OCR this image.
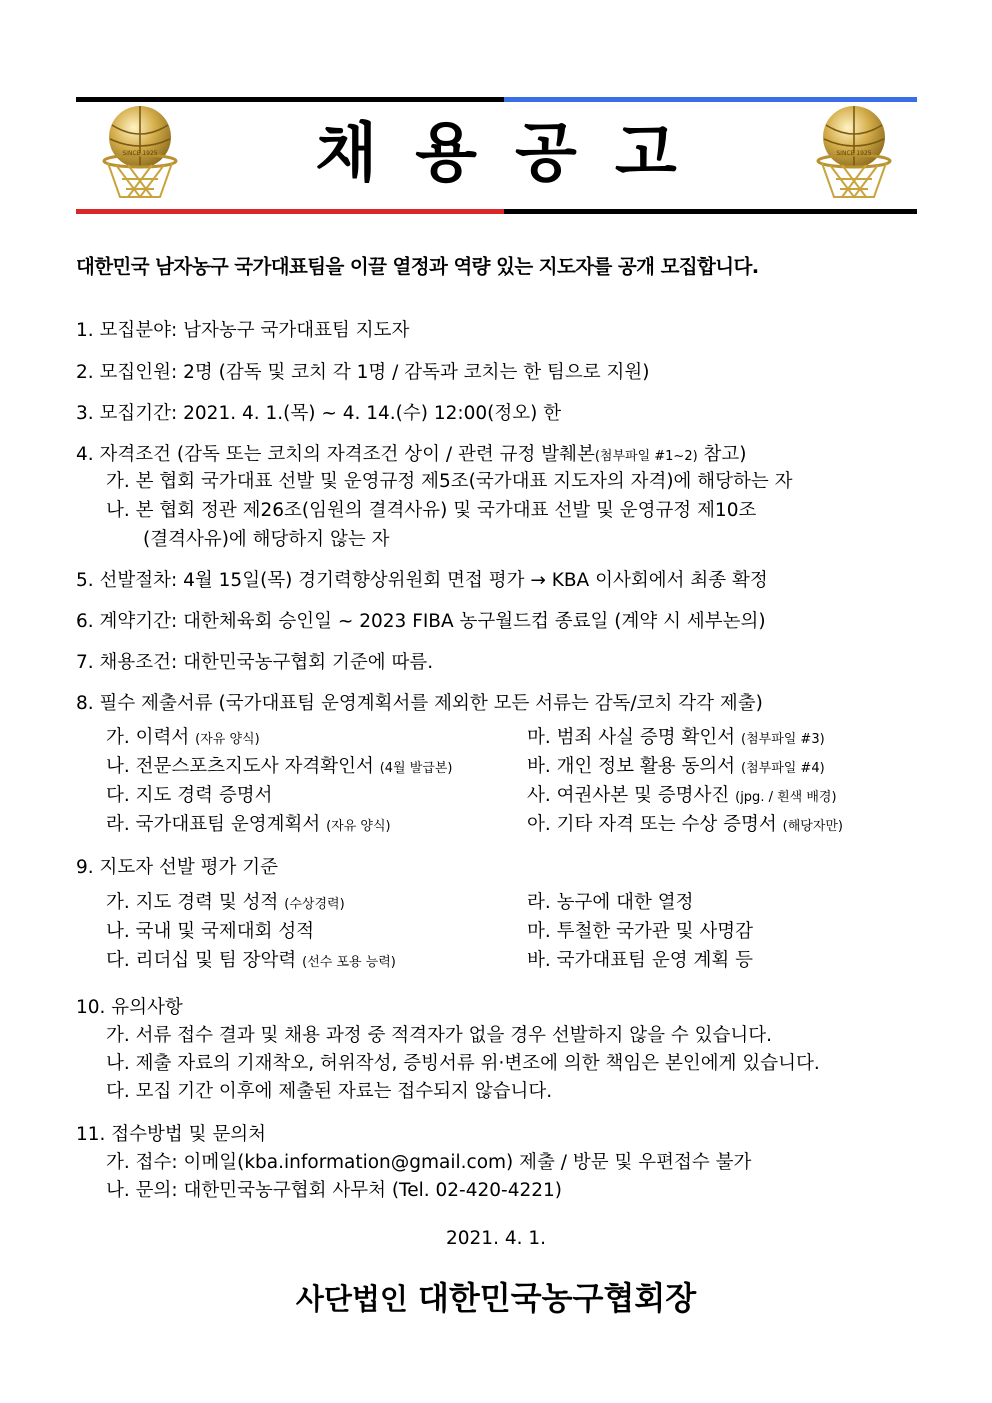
SINCE 1925	SINCE 1925
채용공고
대한민국 남자농구 국가대표팀을 이끌 열정과 역량 있는 지도자를 공개 모집합니다.
1. 모집분야: 남자농구 국가대표팀 지도자
2. 모집인원: 2명 (감독 및 코치 각 1명 / 감독과 코치는 한 팀으로 지원)
3. 모집기간: 2021. 4. 1.(목) ~ 4. 14.(수) 12:00(정오) 한
4. 자격조건 (감독 또는 코치의 자격조건 상이 / 관련 규정 발췌본(첨부파일 #1~2) 참고)
가. 본 협회 국가대표 선발 및 운영규정 제5조(국가대표 지도자의 자격)에 해당하는 자
나. 본 협회 정관 제26조(임원의 결격사유) 및 국가대표 선발 및 운영규정 제10조
(결격사유)에 해당하지 않는 자
5. 선발절차: 4월 15일(목) 경기력향상위원회 면접 평가 → KBA 이사회에서 최종 확정
6. 계약기간: 대한체육회 승인일 ~ 2023 FIBA 농구월드컵 종료일 (계약 시 세부논의)
7. 채용조건: 대한민국농구협회 기준에 따름.
8. 필수 제출서류 (국가대표팀 운영계획서를 제외한 모든 서류는 감독/코치 각각 제출)
가. 이력서 (자유 양식)
나. 전문스포츠지도사 자격확인서 (4월 발급본)
다. 지도 경력 증명서
라. 국가대표팀 운영계획서 (자유 양식)
마. 범죄 사실 증명 확인서 (첨부파일 #3)
바. 개인 정보 활용 동의서 (첨부파일 #4)
사. 여권사본 및 증명사진 (jpg. / 흰색 배경)
아. 기타 자격 또는 수상 증명서 (해당자만)
9. 지도자 선발 평가 기준
가. 지도 경력 및 성적 (수상경력)
나. 국내 및 국제대회 성적
다. 리더십 및 팀 장악력 (선수 포용 능력)
라. 농구에 대한 열정
마. 투철한 국가관 및 사명감
바. 국가대표팀 운영 계획 등
10. 유의사항
가. 서류 접수 결과 및 채용 과정 중 적격자가 없을 경우 선발하지 않을 수 있습니다.
나. 제출 자료의 기재착오, 허위작성, 증빙서류 위·변조에 의한 책임은 본인에게 있습니다.
다. 모집 기간 이후에 제출된 자료는 접수되지 않습니다.
11. 접수방법 및 문의처
가. 접수: 이메일(kba.information@gmail.com) 제출 / 방문 및 우편접수 불가
나. 문의: 대한민국농구협회 사무처 (Tel. 02-420-4221)
2021. 4. 1.
사단법인 대한민국농구협회장
